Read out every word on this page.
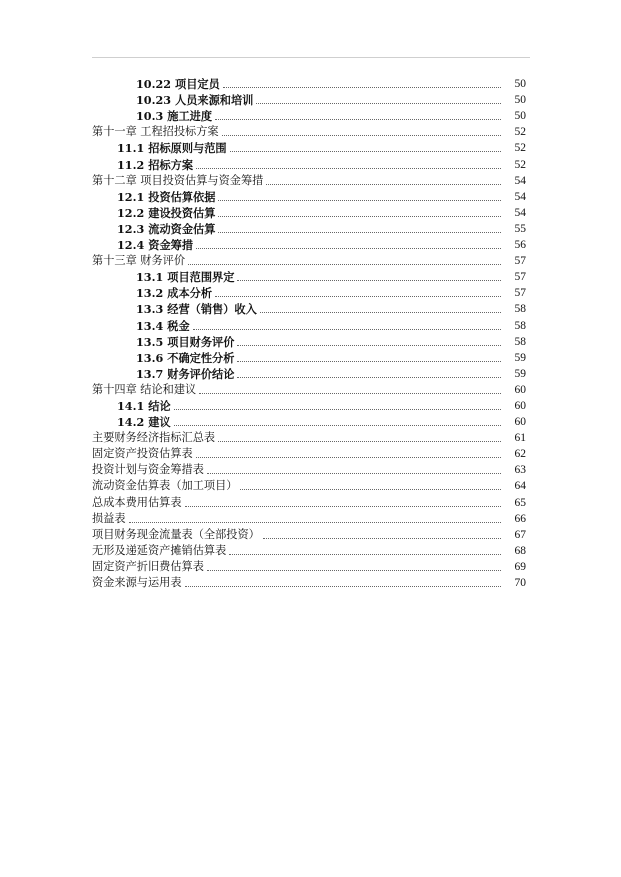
10.22 项目定员	50
10.23 人员来源和培训	50
10.3 施工进度	50
第十一章 工程招投标方案	52
11.1 招标原则与范围	52
11.2 招标方案	52
第十二章 项目投资估算与资金筹措	54
12.1 投资估算依据	54
12.2 建设投资估算	54
12.3 流动资金估算	55
12.4 资金筹措	56
第十三章 财务评价	57
13.1 项目范围界定	57
13.2 成本分析	57
13.3 经营（销售）收入	58
13.4 税金	58
13.5 项目财务评价	58
13.6 不确定性分析	59
13.7 财务评价结论	59
第十四章 结论和建议	60
14.1 结论	60
14.2 建议	60
主要财务经济指标汇总表	61
固定资产投资估算表	62
投资计划与资金筹措表	63
流动资金估算表（加工项目）	64
总成本费用估算表	65
损益表	66
项目财务现金流量表（全部投资）	67
无形及递延资产摊销估算表	68
固定资产折旧费估算表	69
资金来源与运用表	70
